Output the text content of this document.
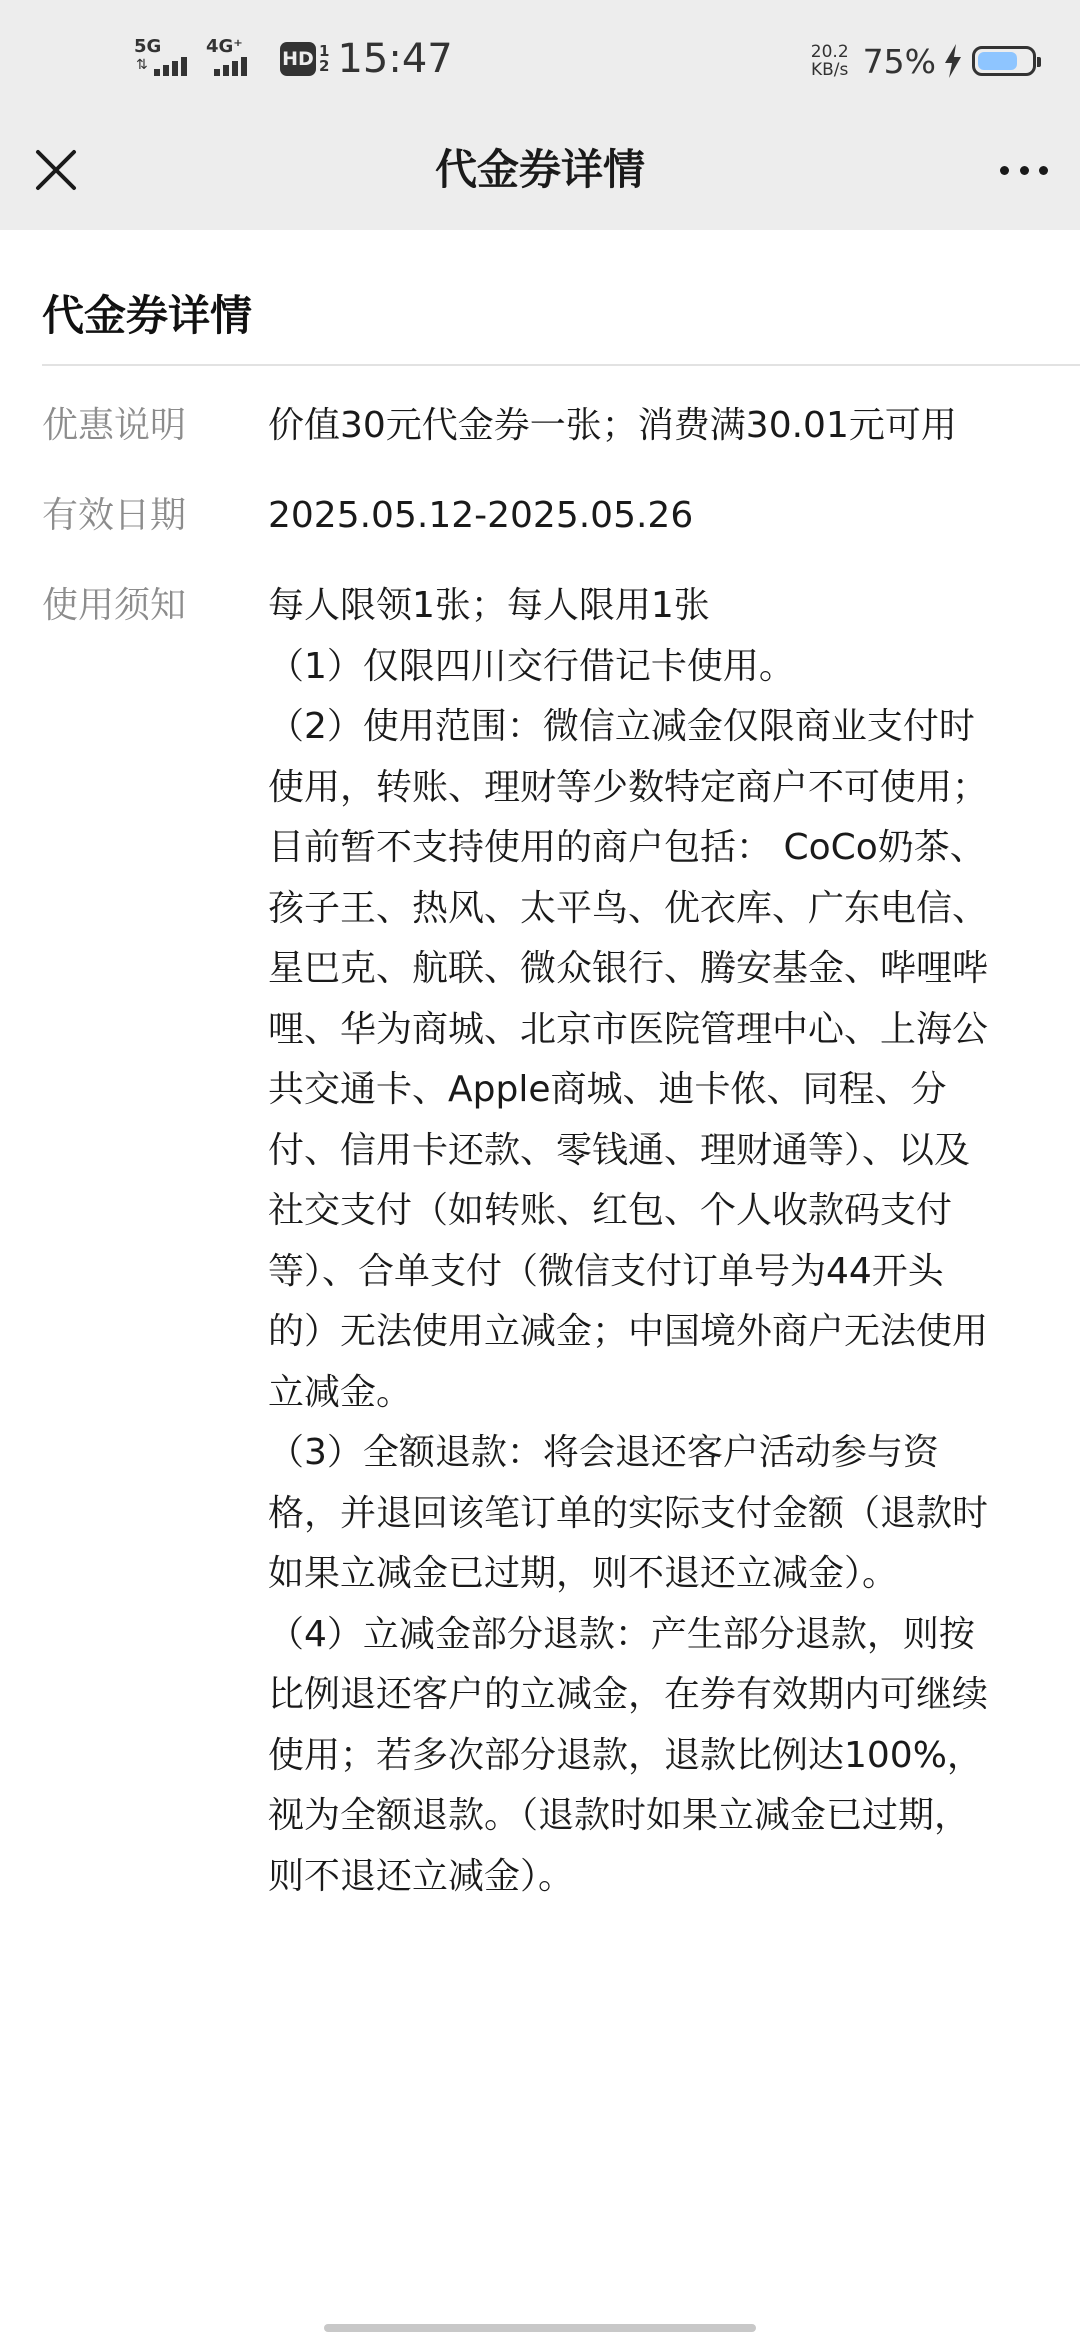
5G
⇅
4G⁺
HD 1
2 15:47	20.2
KB/s 75%
代金券详情
代金券详情
优惠说明 价值30元代金券一张；消费满30.01元可用
有效日期 2025.05.12-2025.05.26
使用须知 每人限领1张；每人限用1张
（1）仅限四川交行借记卡使用。
（2）使用范围：微信立减金仅限商业支付时
使用，转账、理财等少数特定商户不可使用；
目前暂不支持使用的商户包括： CoCo奶茶、
孩子王、热风、太平鸟、优衣库、广东电信、
星巴克、航联、微众银行、腾安基金、哔哩哔
哩、华为商城、北京市医院管理中心、上海公
共交通卡、Apple商城、迪卡侬、同程、分
付、信用卡还款、零钱通、理财通等）、以及
社交支付（如转账、红包、个人收款码支付
等）、合单支付（微信支付订单号为44开头
的）无法使用立减金；中国境外商户无法使用
立减金。
（3）全额退款：将会退还客户活动参与资
格，并退回该笔订单的实际支付金额（退款时
如果立减金已过期，则不退还立减金）。
（4）立减金部分退款：产生部分退款，则按
比例退还客户的立减金，在券有效期内可继续
使用；若多次部分退款，退款比例达100%，
视为全额退款。（退款时如果立减金已过期，
则不退还立减金）。
